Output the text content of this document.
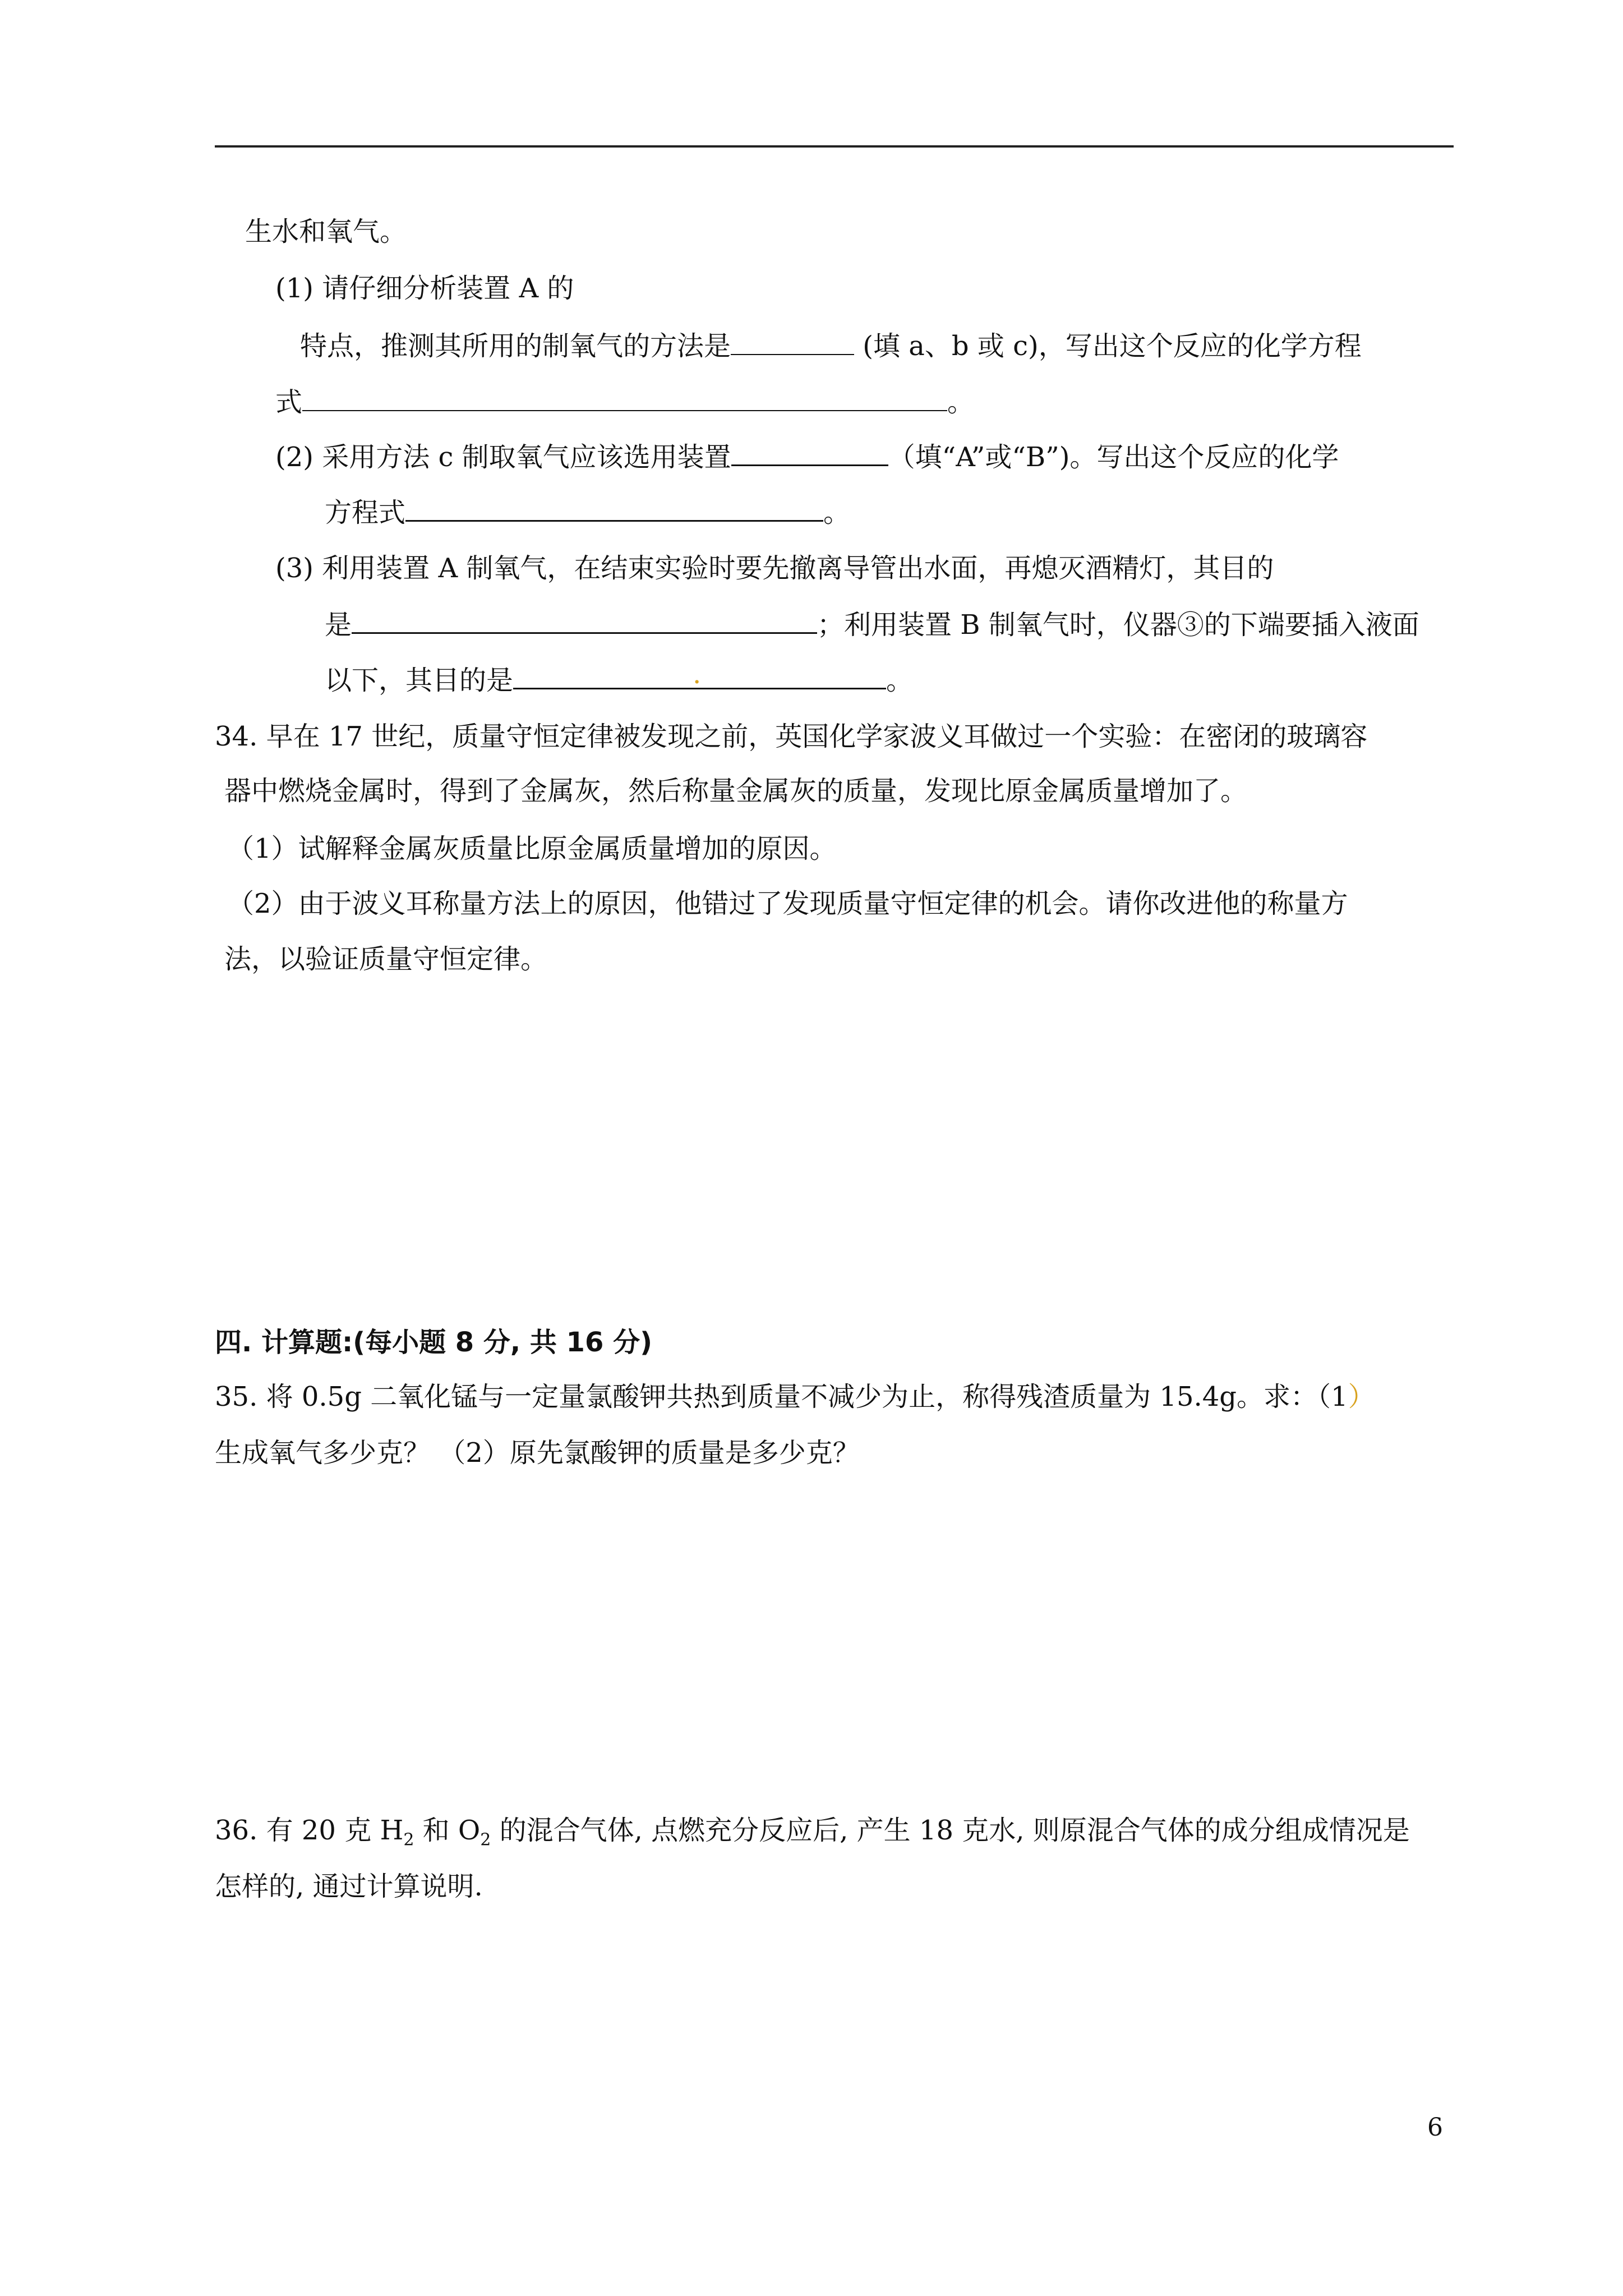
生水和氧气。
(1) 请仔细分析装置 A 的
特点，推测其所用的制氧气的方法是	(填 a、b 或 c)，写出这个反应的化学方程
式	。
(2) 采用方法 c 制取氧气应该选用装置	（填“A”或“B”)。写出这个反应的化学
方程式	。
(3) 利用装置 A 制氧气，在结束实验时要先撤离导管出水面，再熄灭酒精灯，其目的
是	；利用装置 B 制氧气时，仪器③的下端要插入液面
以下，其目的是	.	。
34. 早在 17 世纪，质量守恒定律被发现之前，英国化学家波义耳做过一个实验：在密闭的玻璃容
器中燃烧金属时，得到了金属灰，然后称量金属灰的质量，发现比原金属质量增加了。
（1）试解释金属灰质量比原金属质量增加的原因。
（2）由于波义耳称量方法上的原因，他错过了发现质量守恒定律的机会。请你改进他的称量方
法，以验证质量守恒定律。
四. 计算题:(每小题 8 分, 共 16 分)
35. 将 0.5g 二氧化锰与一定量氯酸钾共热到质量不减少为止，称得残渣质量为 15.4g。求：（1）
生成氧气多少克？ （2）原先氯酸钾的质量是多少克？
36. 有 20 克 $H_2$ 和 $O_2$ 的混合气体, 点燃充分反应后, 产生 18 克水, 则原混合气体的成分组成情况是
怎样的, 通过计算说明.
6
